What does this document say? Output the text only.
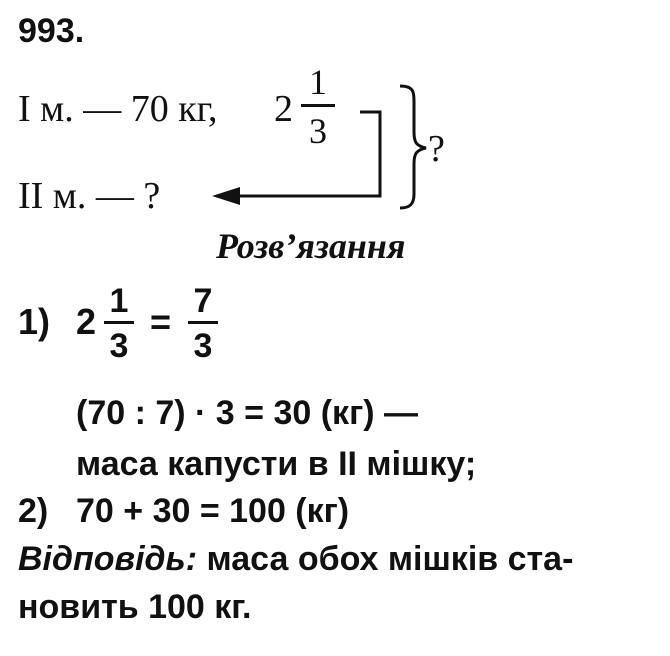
993.
I м. — 70 кг, 2
1
3	?
II м. — ?
Розв’язання
1) 2 1
3
= 7
3
(70 : 7) · 3 = 30 (кг) —
маса капусти в II мішку;
2) 70 + 30 = 100 (кг)
Відповідь: маса обох мішків ста-
новить 100 кг.
